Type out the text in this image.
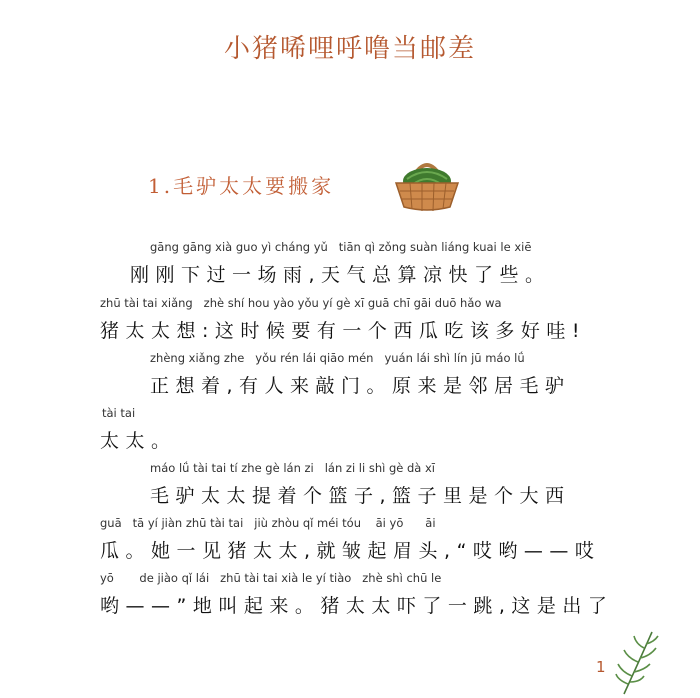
小猪唏哩呼噜当邮差
1.毛驴太太要搬家
gāng gāng xià guo yì cháng yǔ   tiān qì zǒng suàn liáng kuai le xiē
刚刚下过一场雨,天气总算凉快了些。
zhū tài tai xiǎng   zhè shí hou yào yǒu yí gè xī guā chī gāi duō hǎo wa
猪太太想:这时候要有一个西瓜吃该多好哇!
zhèng xiǎng zhe   yǒu rén lái qiāo mén   yuán lái shì lín jū máo lǘ
正想着,有人来敲门。原来是邻居毛驴
tài tai
太太。
máo lǘ tài tai tí zhe gè lán zi   lán zi li shì gè dà xī
毛驴太太提着个篮子,篮子里是个大西
guā   tā yí jiàn zhū tài tai   jiù zhòu qǐ méi tóu    āi yō      āi
瓜。她一见猪太太,就皱起眉头,“哎哟——哎
yō       de jiào qǐ lái   zhū tài tai xià le yí tiào   zhè shì chū le
哟——”地叫起来。猪太太吓了一跳,这是出了
1
